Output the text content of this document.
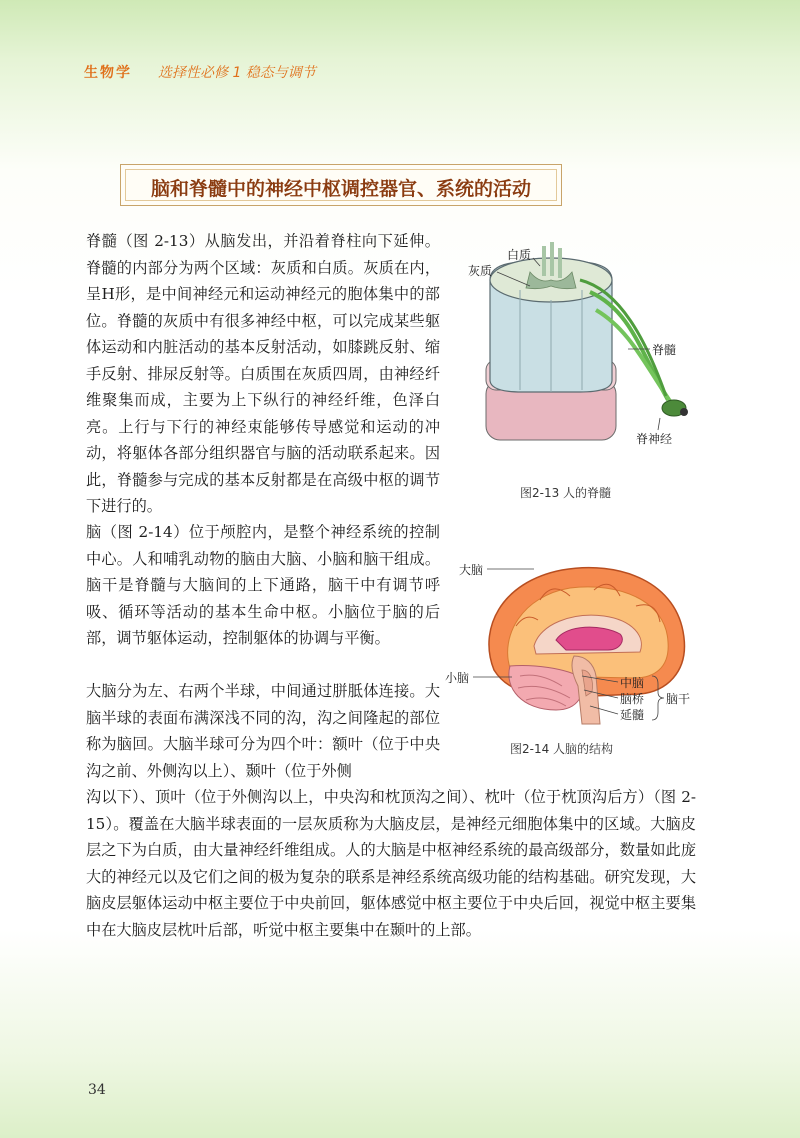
生物学 选择性必修 1 稳态与调节
脑和脊髓中的神经中枢调控器官、系统的活动
脊髓（图 2-13）从脑发出，并沿着脊柱向下延伸。脊髓的内部分为两个区域：灰质和白质。灰质在内，呈H形，是中间神经元和运动神经元的胞体集中的部位。脊髓的灰质中有很多神经中枢，可以完成某些躯体运动和内脏活动的基本反射活动，如膝跳反射、缩手反射、排尿反射等。白质围在灰质四周，由神经纤维聚集而成，主要为上下纵行的神经纤维，色泽白亮。上行与下行的神经束能够传导感觉和运动的冲动，将躯体各部分组织器官与脑的活动联系起来。因此，脊髓参与完成的基本反射都是在高级中枢的调节下进行的。
脑（图 2-14）位于颅腔内，是整个神经系统的控制中心。人和哺乳动物的脑由大脑、小脑和脑干组成。脑干是脊髓与大脑间的上下通路，脑干中有调节呼吸、循环等活动的基本生命中枢。小脑位于脑的后部，调节躯体运动，控制躯体的协调与平衡。
大脑分为左、右两个半球，中间通过胼胝体连接。大脑半球的表面布满深浅不同的沟，沟之间隆起的部位称为脑回。大脑半球可分为四个叶：额叶（位于中央沟之前、外侧沟以上）、颞叶（位于外侧
沟以下）、顶叶（位于外侧沟以上，中央沟和枕顶沟之间）、枕叶（位于枕顶沟后方）（图 2-15）。覆盖在大脑半球表面的一层灰质称为大脑皮层，是神经元细胞体集中的区域。大脑皮层之下为白质，由大量神经纤维组成。人的大脑是中枢神经系统的最高级部分，数量如此庞大的神经元以及它们之间的极为复杂的联系是神经系统高级功能的结构基础。研究发现，大脑皮层躯体运动中枢主要位于中央前回，躯体感觉中枢主要位于中央后回，视觉中枢主要集中在大脑皮层枕叶后部，听觉中枢主要集中在颞叶的上部。
白质
灰质
脊髓
脊神经
图2-13 人的脊髓
大脑
小脑	中脑
脑桥
延髓
脑干
图2-14 人脑的结构
34
